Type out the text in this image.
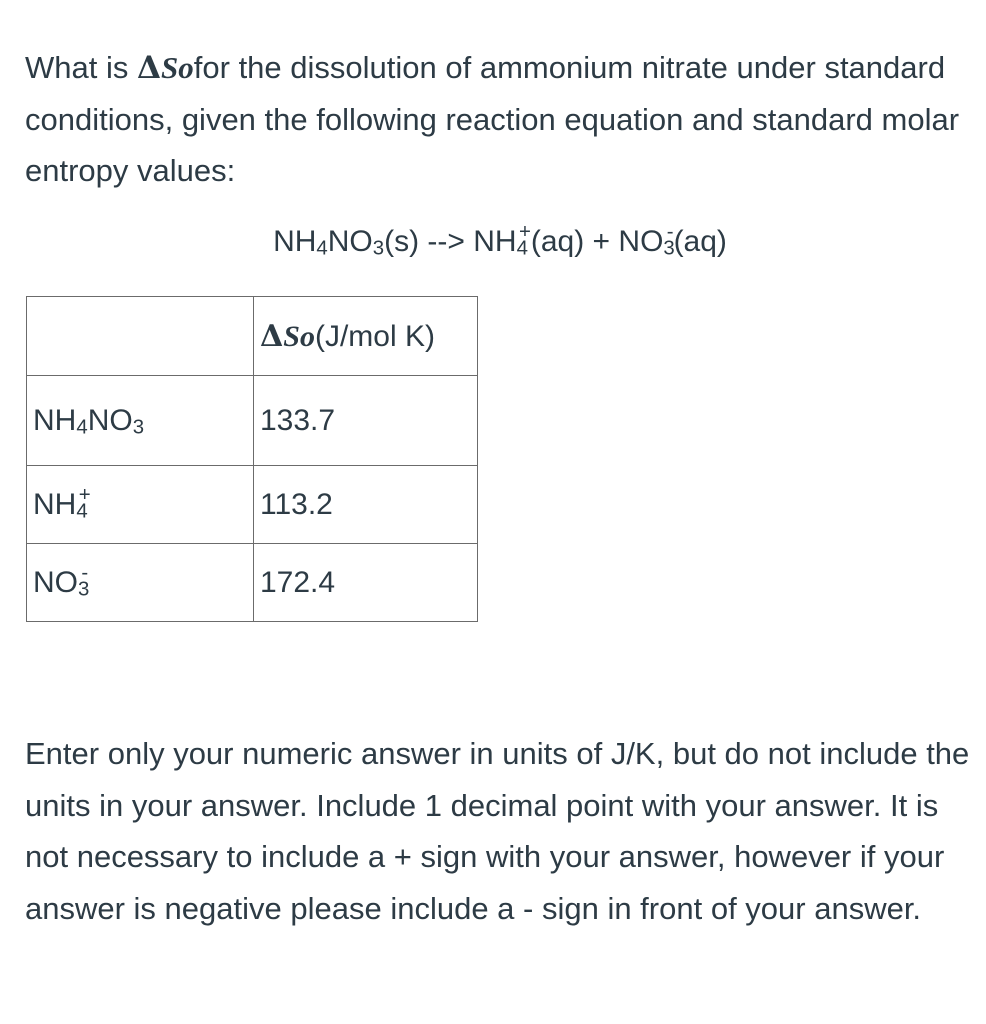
What is ΔSofor the dissolution of ammonium nitrate under standard conditions, given the following reaction equation and standard molar entropy values:

$NH_4NO_3(s)$ --> $NH_4^+(aq) + NO_3^-(aq)$

	ΔSo(J/mol K)
$NH_4NO_3$	133.7
$NH_4^+$	113.2
$NO_3^-$	172.4

Enter only your numeric answer in units of J/K, but do not include the units in your answer. Include 1 decimal point with your answer. It is not necessary to include a + sign with your answer, however if your answer is negative please include a - sign in front of your answer.
